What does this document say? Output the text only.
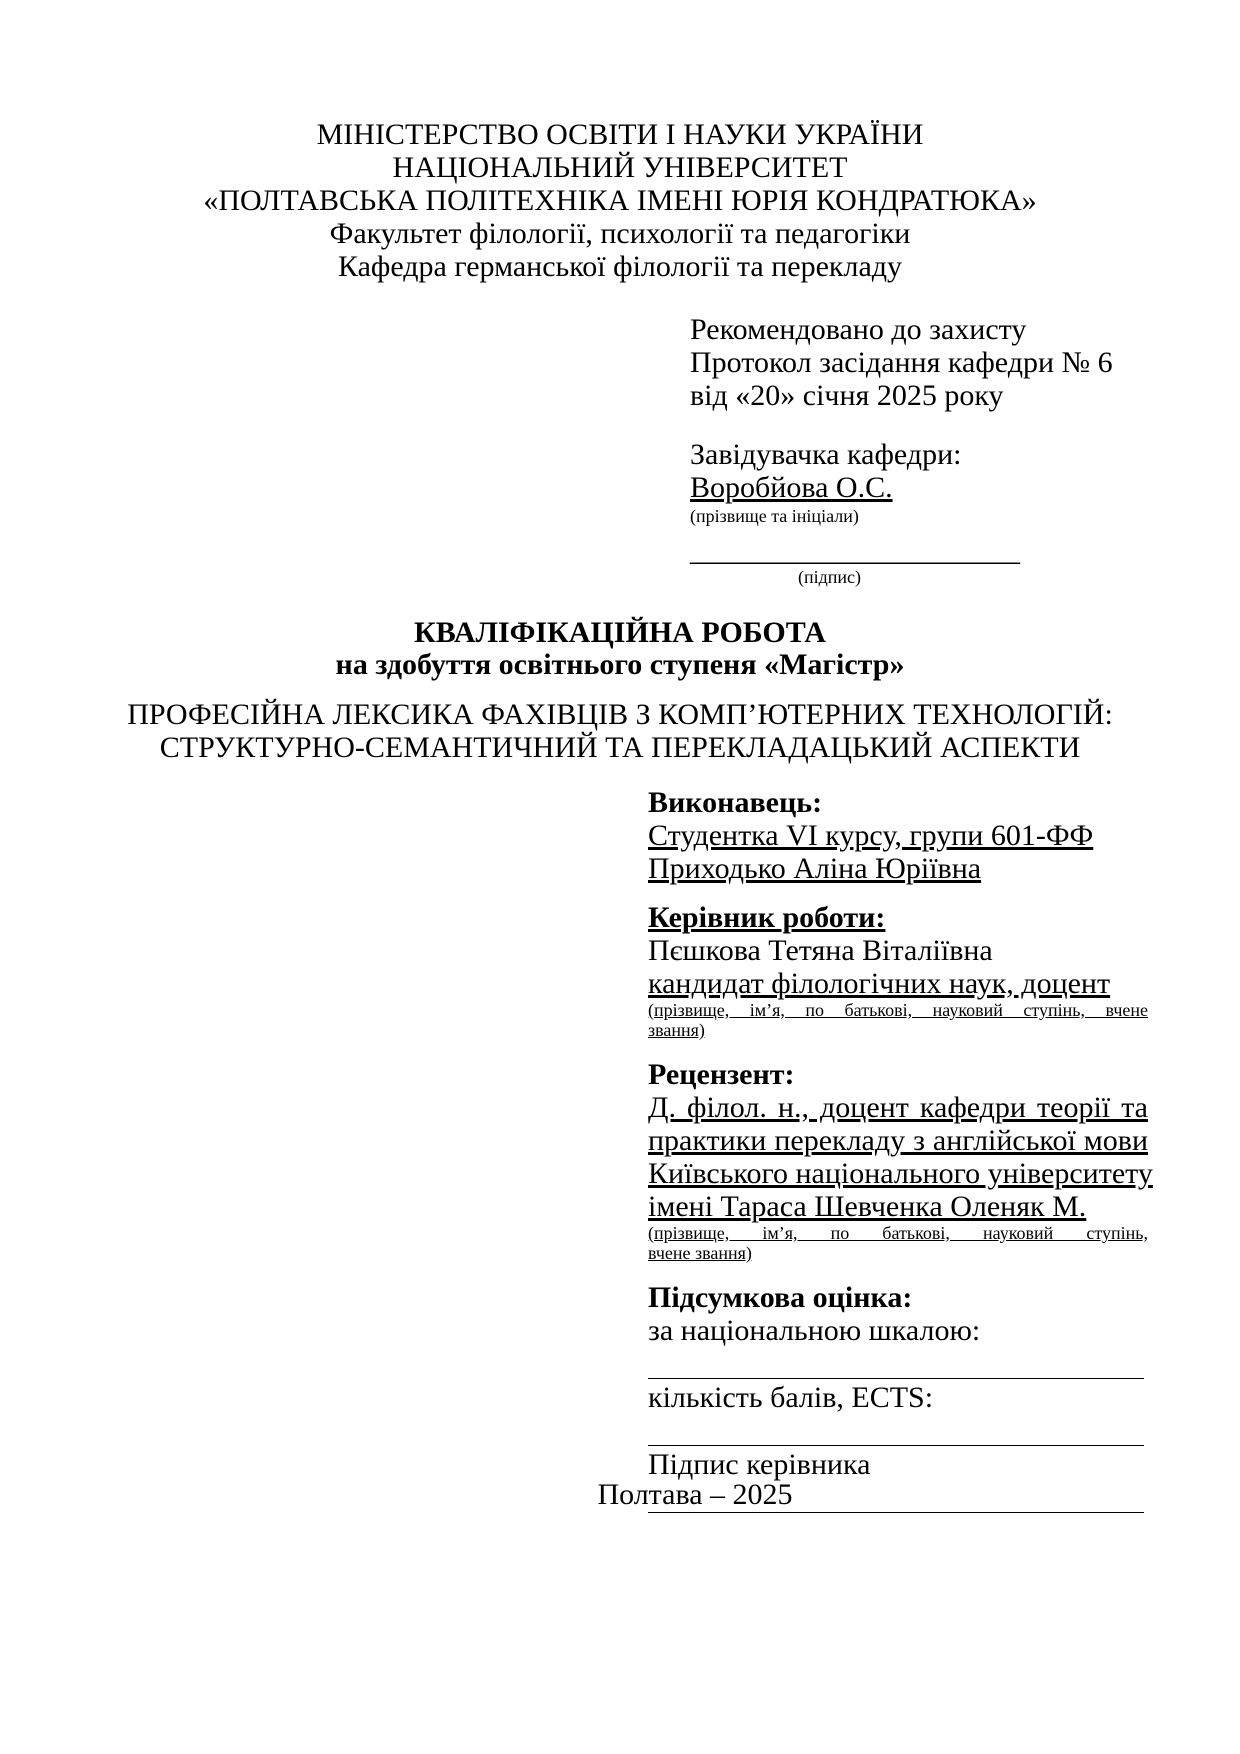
МІНІСТЕРСТВО ОСВІТИ І НАУКИ УКРАЇНИ
НАЦІОНАЛЬНИЙ УНІВЕРСИТЕТ
«ПОЛТАВСЬКА ПОЛІТЕХНІКА ІМЕНІ ЮРІЯ КОНДРАТЮКА»
Факультет філології, психології та педагогіки
Кафедра германської філології та перекладу
Рекомендовано до захисту
Протокол засідання кафедри № 6
від «20» січня 2025 року
Завідувачка кафедри:
Воробйова О.С.
(прізвище та ініціали)
______________________
(підпис)
КВАЛІФІКАЦІЙНА РОБОТА
на здобуття освітнього ступеня «Магістр»
ПРОФЕСІЙНА ЛЕКСИКА ФАХІВЦІВ З КОМП’ЮТЕРНИХ ТЕХНОЛОГІЙ:
СТРУКТУРНО-СЕМАНТИЧНИЙ ТА ПЕРЕКЛАДАЦЬКИЙ АСПЕКТИ
Виконавець:
Студентка VI курсу, групи 601-ФФ
Приходько Аліна Юріївна
Керівник роботи:
Пєшкова Тетяна Віталіївна
кандидат філологічних наук, доцент
(прізвище, ім’я, по батькові, науковий ступінь, вчене
звання)
Рецензент:
Д. філол. н., доцент кафедри теорії та
практики перекладу з англійської мови
Київського національного університету
імені Тараса Шевченка Оленяк М.
(прізвище, ім’я, по батькові, науковий ступінь,
вчене звання)
Підсумкова оцінка:
за національною шкалою:
кількість балів, ECTS:
Підпис керівника
Полтава – 2025
